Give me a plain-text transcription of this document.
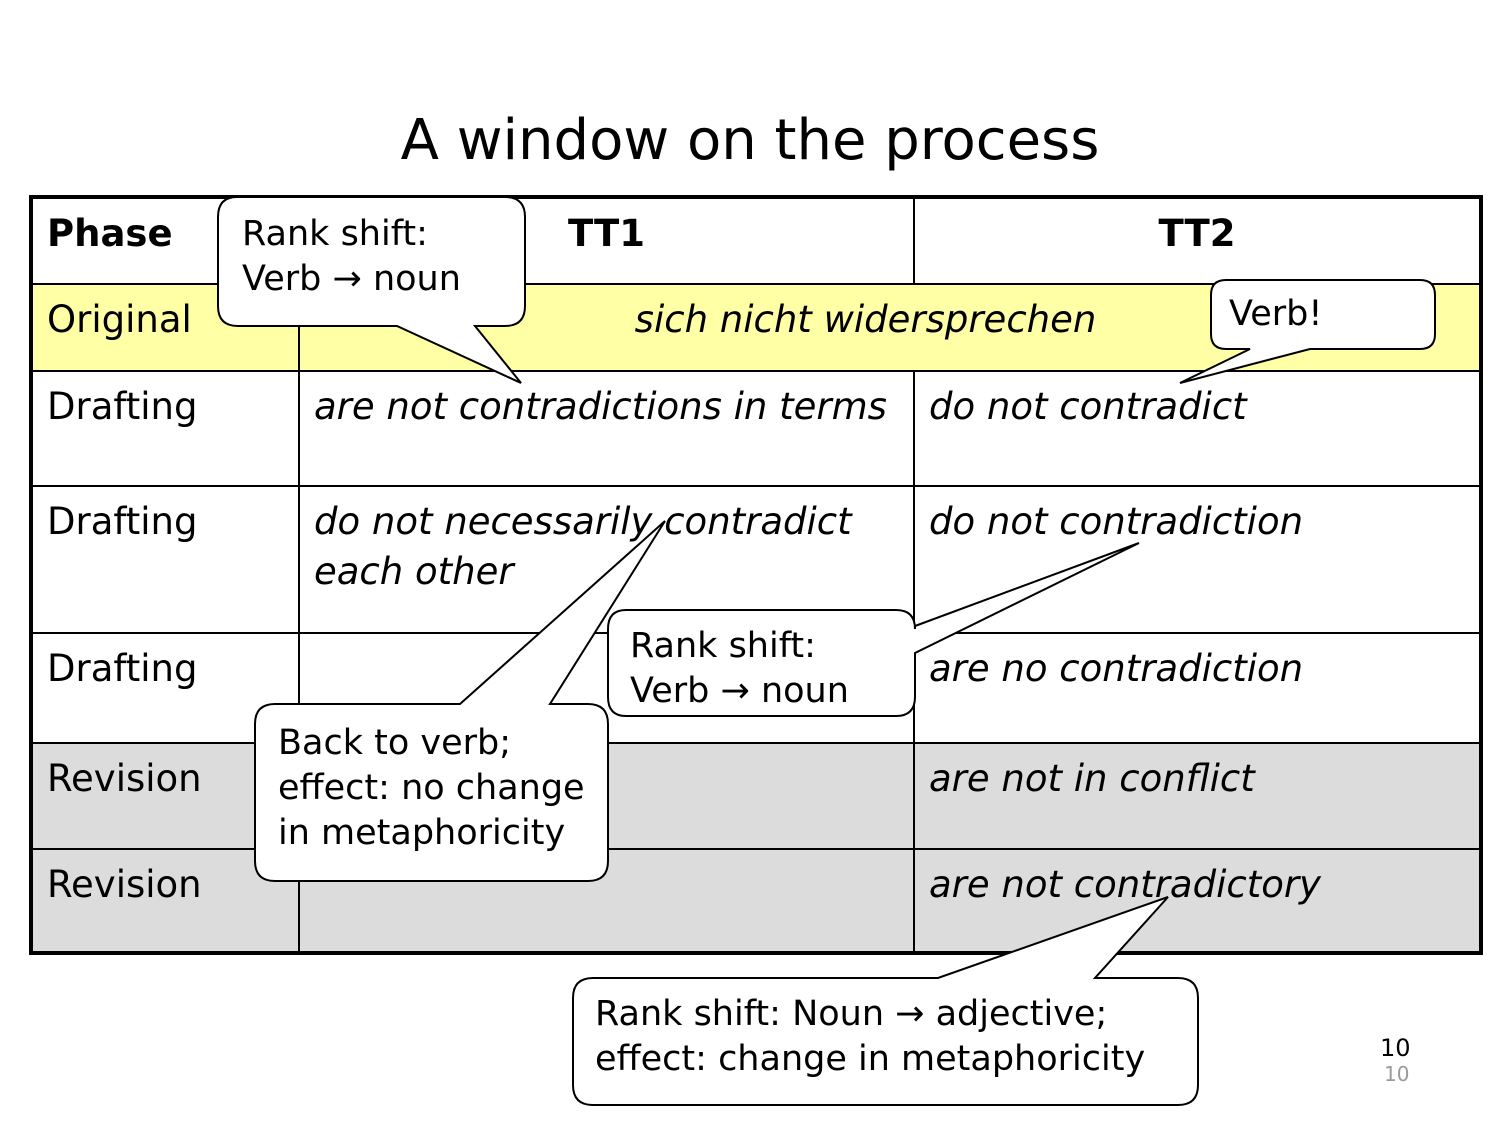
A window on the process
Phase	TT1	TT2
Original	sich nicht widersprechen	
Drafting	are not contradictions in terms	do not contradict
Drafting	do not necessarily contradict each other	do not contradiction
Drafting		are no contradiction
Revision		are not in conflict
Revision		are not contradictory
Rank shift:
Verb → noun
Verb!
Rank shift:
Verb → noun
Back to verb;
effect: no change
in metaphoricity
Rank shift: Noun → adjective;
effect: change in metaphoricity	10
10
